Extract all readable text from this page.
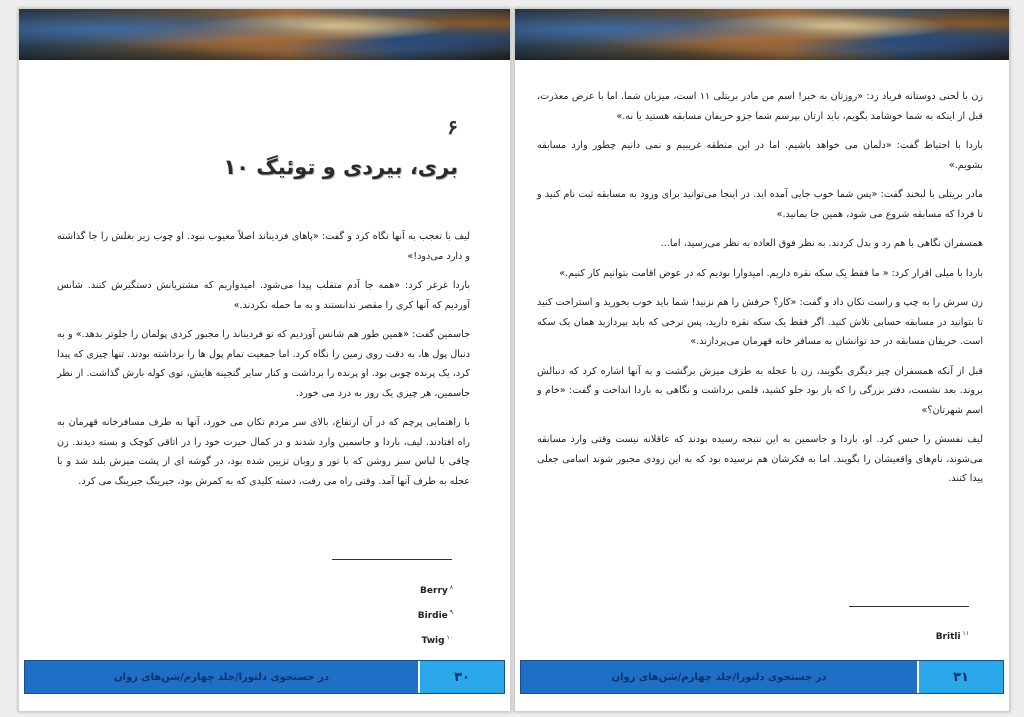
۶
بری، بیردی و توئیگ ۱۰

لیف با تعجب به آنها نگاه کرد و گفت: «پاهای فردیناند اصلاً معیوب نبود. او چوب زیر بغلش را جا گذاشته و دارد می‌دود!»

باردا غرغر کرد: «همه جا آدم متقلب پیدا می‌شود. امیدواریم که مشتریانش دستگیرش کنند. شانس آوردیم که آنها کری را مقصر ندانستند و به ما حمله نکردند.»

جاسمین گفت: «همین طور هم شانس آوردیم که تو فردیناند را مجبور کردی پولمان را جلوتر بدهد.» و به دنبال پول ها، به دقت روی زمین را نگاه کرد. اما جمعیت تمام پول ها را برداشته بودند. تنها چیزی که پیدا کرد، یک پرنده چوبی بود. او پرنده را برداشت و کنار سایر گنجینه هایش، توی کوله بارش گذاشت. از نظر جاسمین، هر چیزی یک روز به درد می خورد.

با راهنمایی پرچم که در آن ارتفاع، بالای سر مردم تکان می خورد، آنها به طرف مسافرخانه قهرمان به راه افتادند. لیف، باردا و جاسمین وارد شدند و در کمال حیرت خود را در اتاقی کوچک و بسته دیدند. زن چاقی با لباس سبز روشن که با تور و روبان تزیین شده بود، در گوشه ای از پشت میزش بلند شد و با عجله به طرف آنها آمد. وقتی راه می رفت، دسته کلیدی که به کمرش بود، جیرینگ جیرینگ می کرد.

Berry $^۸$
Birdie $^۹$
Twig $^{۱۰}$
در جستجوی دلتورا/جلد چهارم/شن‌های روان	۳۰

زن با لحنی دوستانه فریاد زد: «روزتان به خیر! اسم من مادر بریتلی ۱۱ است، میزبان شما. اما با عرض معذرت، قبل از اینکه به شما خوشامد بگویم، باید ازتان بپرسم شما جزو حریفان مسابقه هستید یا نه.»

باردا با احتیاط گفت: «دلمان می خواهد باشیم. اما در این منطقه غریبیم و نمی دانیم چطور وارد مسابقه بشویم.»

مادر بریتلی با لبخند گفت: «پس شما خوب جایی آمده اید. در اینجا می‌توانید برای ورود به مسابقه ثبت نام کنید و تا فردا که مسابقه شروع می شود، همین جا بمانید.»

همسفران نگاهی با هم رد و بدل کردند. به نظر فوق العاده به نظر می‌رسید، اما...

باردا با میلی اقرار کرد: « ما فقط یک سکه نقره داریم. امیدوارا بودیم که در عوض اقامت بتوانیم کار کنیم.»

زن سرش را به چپ و راست تکان داد و گفت: «کار؟ حرفش را هم نزنید! شما باید خوب بخورید و استراحت کنید تا بتوانید در مسابقه حسابی تلاش کنید. اگر فقط یک سکه نقره دارید، پس نرخی که باید بپردازید همان یک سکه است. حریفان مسابقه در حد توانشان به مسافر خانه قهرمان می‌پردازند.»

قبل از آنکه همسفران چیز دیگری بگویند، زن با عجله به طرف میزش برگشت و به آنها اشاره کرد که دنبالش بروند. بعد نشست، دفتر بزرگی را که باز بود جلو کشید، قلمی برداشت و نگاهی به باردا انداخت و گفت: «خام و اسم شهرتان؟»

لیف نفسش را حبس کرد. او، باردا و جاسمین به این نتیجه رسیده بودند که عاقلانه نیست وقتی وارد مسابقه می‌شوند، نام‌های واقعیشان را بگویند. اما به فکرشان هم نرسیده بود که به این زودی مجبور شوند اسامی جعلی پیدا کنند.

Britli $^{۱۱}$
در جستجوی دلتورا/جلد چهارم/شن‌های روان	۳۱
